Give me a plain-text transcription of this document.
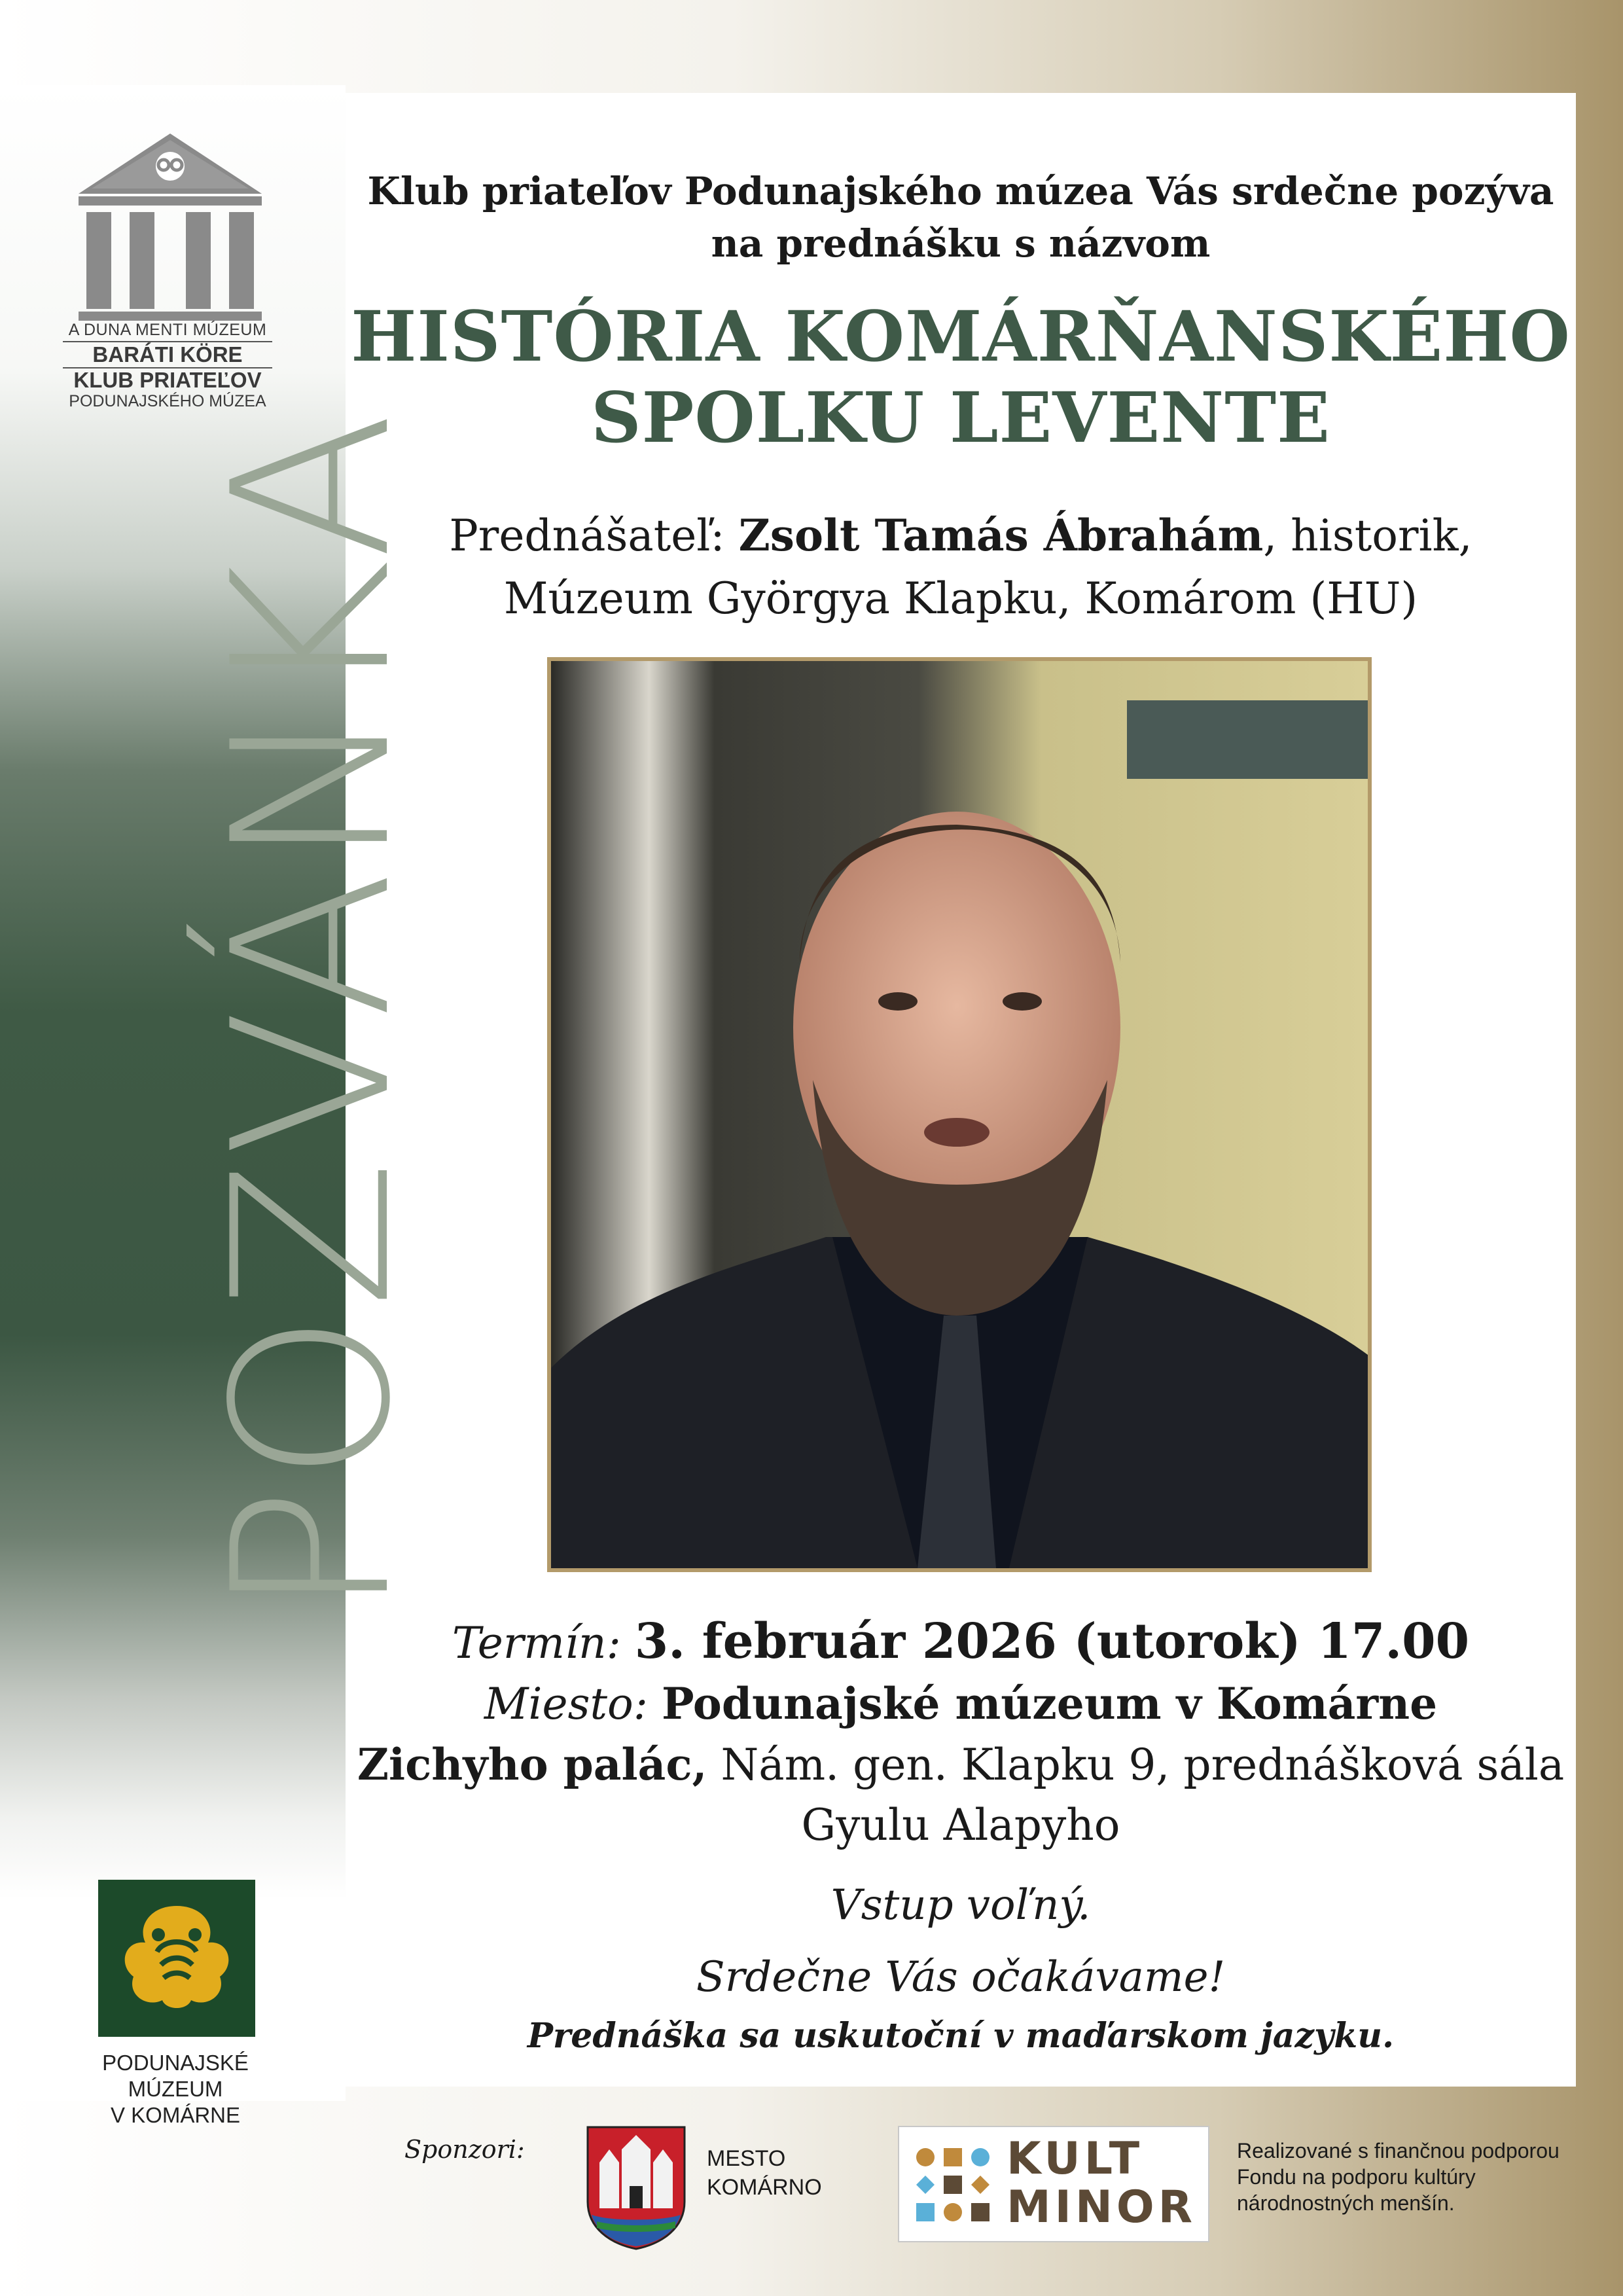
A DUNA MENTI MÚZEUM
BARÁTI KÖRE
KLUB PRIATEĽOV
PODUNAJSKÉHO MÚZEA
POZVÁNKA
PODUNAJSKÉ
MÚZEUM
V KOMÁRNE
Klub priateľov Podunajského múzea Vás srdečne pozýva
na prednášku s názvom
HISTÓRIA KOMÁRŇANSKÉHO
SPOLKU LEVENTE
Prednášateľ: Zsolt Tamás Ábrahám, historik,
Múzeum Györgya Klapku, Komárom (HU)
Termín: 3. február 2026 (utorok) 17.00
Miesto: Podunajské múzeum v Komárne
Zichyho palác, Nám. gen. Klapku 9, prednášková sála
Gyulu Alapyho
Vstup voľný.
Srdečne Vás očakávame!
Prednáška sa uskutoční v maďarskom jazyku.
Sponzori:	MESTO
KOMÁRNO
KULT
MINOR
Realizované s finančnou podporou
Fondu na podporu kultúry
národnostných menšín.
